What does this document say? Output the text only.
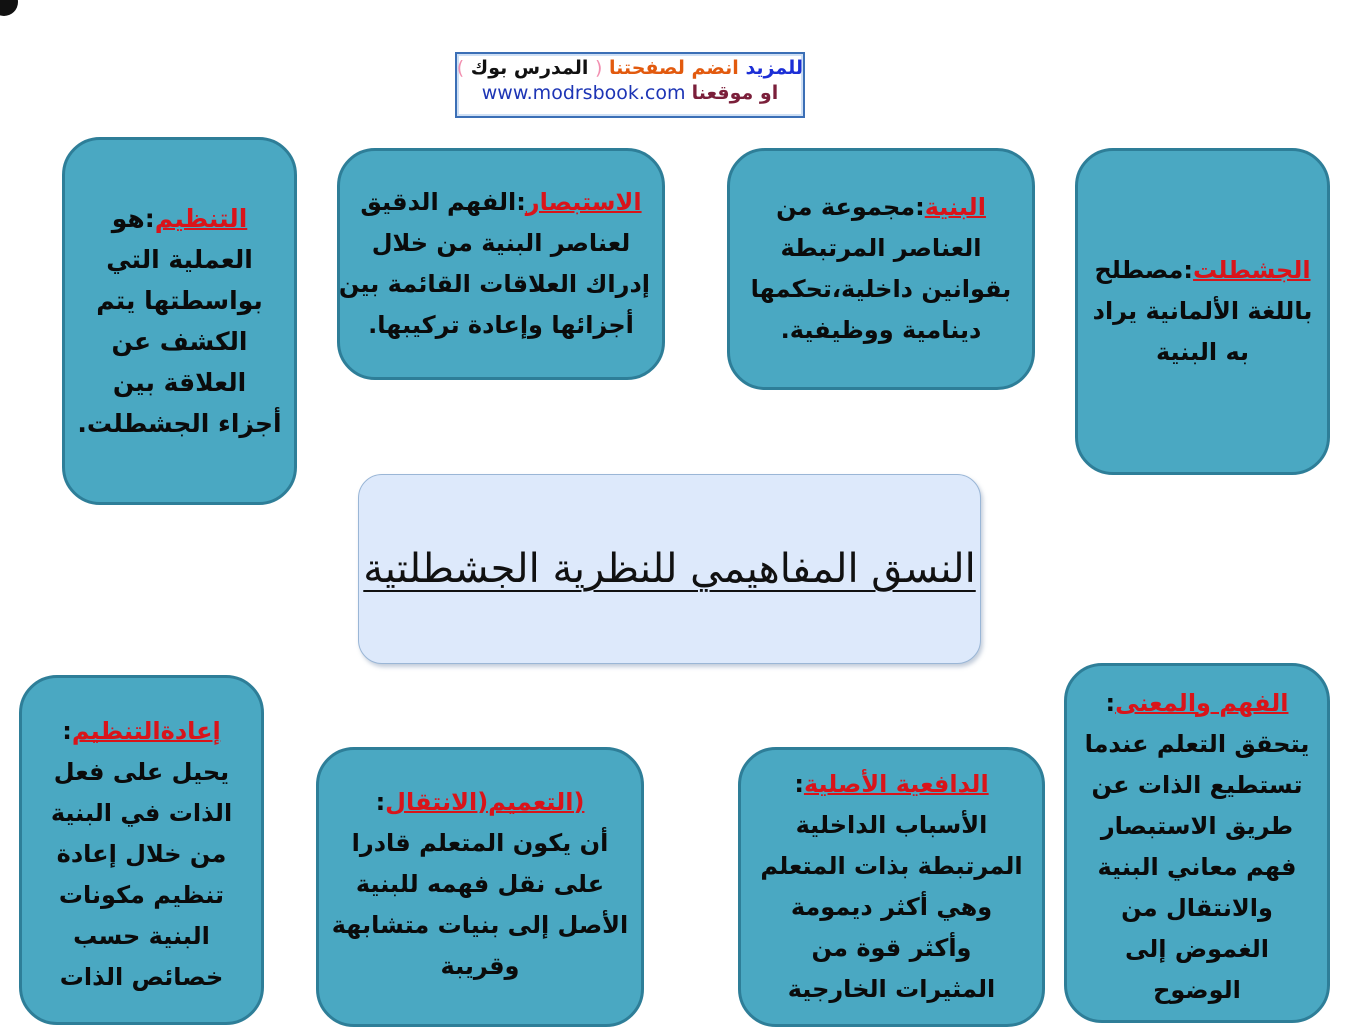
للمزيد انضم لصفحتنا ( المدرس بوك )
او موقعنا www.modrsbook.com
الجشطلت:مصطلح
باللغة الألمانية يراد
به البنية
البنية:مجموعة من
العناصر المرتبطة
بقوانين داخلية،تحكمها
دينامية ووظيفية.
الاستبصار:الفهم الدقيق
لعناصر البنية من خلال
إدراك العلاقات القائمة بين
أجزائها وإعادة تركيبها.
التنظيم:هو
العملية التي
بواسطتها يتم
الكشف عن
العلاقة بين
أجزاء الجشطلت.
النسق المفاهيمي للنظرية الجشطلتية
الفهم والمعنى:
يتحقق التعلم عندما
تستطيع الذات عن
طريق الاستبصار
فهم معاني البنية
والانتقال من
الغموض إلى
الوضوح
الدافعية الأصلية:
الأسباب الداخلية
المرتبطة بذات المتعلم
وهي أكثر ديمومة
وأكثر قوة من
المثيرات الخارجية
(التعميم(الانتقال:
أن يكون المتعلم قادرا
على نقل فهمه للبنية
الأصل إلى بنيات متشابهة
وقريبة
إعادةالتنظيم:
يحيل على فعل
الذات في البنية
من خلال إعادة
تنظيم مكونات
البنية حسب
خصائص الذات
